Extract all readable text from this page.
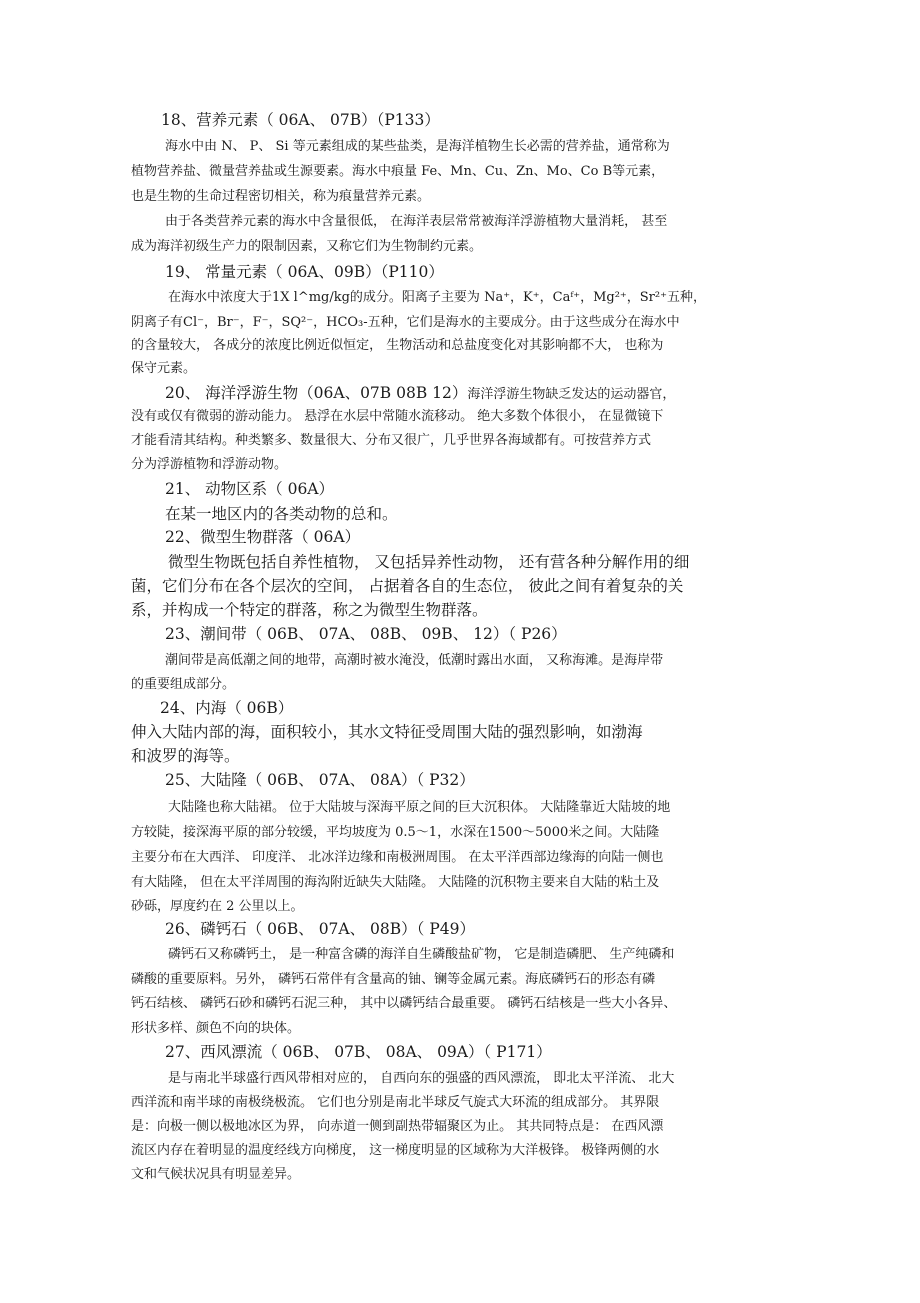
18、营养元素（ 06A、 07B）（P133）
海水中由 N、 P、 Si 等元素组成的某些盐类，是海洋植物生长必需的营养盐，通常称为
植物营养盐、微量营养盐或生源要素。海水中痕量 Fe、Mn、Cu、Zn、Mo、Co B等元素，
也是生物的生命过程密切相关，称为痕量营养元素。
由于各类营养元素的海水中含量很低， 在海洋表层常常被海洋浮游植物大量消耗， 甚至
成为海洋初级生产力的限制因素，又称它们为生物制约元素。
19、 常量元素（ 06A、09B）（P110）
在海水中浓度大于1X l^mg/kg的成分。阳离子主要为 Na⁺，K⁺，Caᶠ⁺，Mg²⁺，Sr²⁺五种，
阴离子有Cl⁻，Br⁻，F⁻，SQ²⁻，HCO₃-五种，它们是海水的主要成分。由于这些成分在海水中
的含量较大， 各成分的浓度比例近似恒定， 生物活动和总盐度变化对其影响都不大， 也称为
保守元素。
20、 海洋浮游生物（06A、07B 08B 12）海洋浮游生物缺乏发达的运动器官，
没有或仅有微弱的游动能力。 悬浮在水层中常随水流移动。 绝大多数个体很小， 在显微镜下
才能看清其结构。种类繁多、数量很大、分布又很广，几乎世界各海域都有。可按营养方式
分为浮游植物和浮游动物。
21、 动物区系（ 06A）
在某一地区内的各类动物的总和。
22、微型生物群落（ 06A）
微型生物既包括自养性植物， 又包括异养性动物， 还有营各种分解作用的细
菌，它们分布在各个层次的空间， 占据着各自的生态位， 彼此之间有着复杂的关
系，并构成一个特定的群落，称之为微型生物群落。
23、潮间带（ 06B、 07A、 08B、 09B、 12）（ P26）
潮间带是高低潮之间的地带，高潮时被水淹没，低潮时露出水面， 又称海滩。是海岸带
的重要组成部分。
24、内海（ 06B）
伸入大陆内部的海，面积较小，其水文特征受周围大陆的强烈影响，如渤海
和波罗的海等。
25、大陆隆（ 06B、 07A、 08A）（ P32）
大陆隆也称大陆裙。 位于大陆坡与深海平原之间的巨大沉积体。 大陆隆靠近大陆坡的地
方较陡，接深海平原的部分较缓，平均坡度为 0.5～1，水深在1500～5000米之间。大陆隆
主要分布在大西洋、 印度洋、 北冰洋边缘和南极洲周围。 在太平洋西部边缘海的向陆一侧也
有大陆隆， 但在太平洋周围的海沟附近缺失大陆隆。 大陆隆的沉积物主要来自大陆的粘土及
砂砾，厚度约在 2 公里以上。
26、磷钙石（ 06B、 07A、 08B）（ P49）
磷钙石又称磷钙土， 是一种富含磷的海洋自生磷酸盐矿物， 它是制造磷肥、 生产纯磷和
磷酸的重要原料。另外， 磷钙石常伴有含量高的铀、镧等金属元素。海底磷钙石的形态有磷
钙石结核、 磷钙石砂和磷钙石泥三种， 其中以磷钙结合最重要。 磷钙石结核是一些大小各异、
形状多样、颜色不向的块体。
27、西风漂流（ 06B、 07B、 08A、 09A）（ P171）
是与南北半球盛行西风带相对应的， 自西向东的强盛的西风漂流， 即北太平洋流、 北大
西洋流和南半球的南极绕极流。 它们也分别是南北半球反气旋式大环流的组成部分。 其界限
是：向极一侧以极地冰区为界， 向赤道一侧到副热带辐聚区为止。 其共同特点是： 在西风漂
流区内存在着明显的温度经线方向梯度， 这一梯度明显的区域称为大洋极锋。 极锋两侧的水
文和气候状况具有明显差异。
